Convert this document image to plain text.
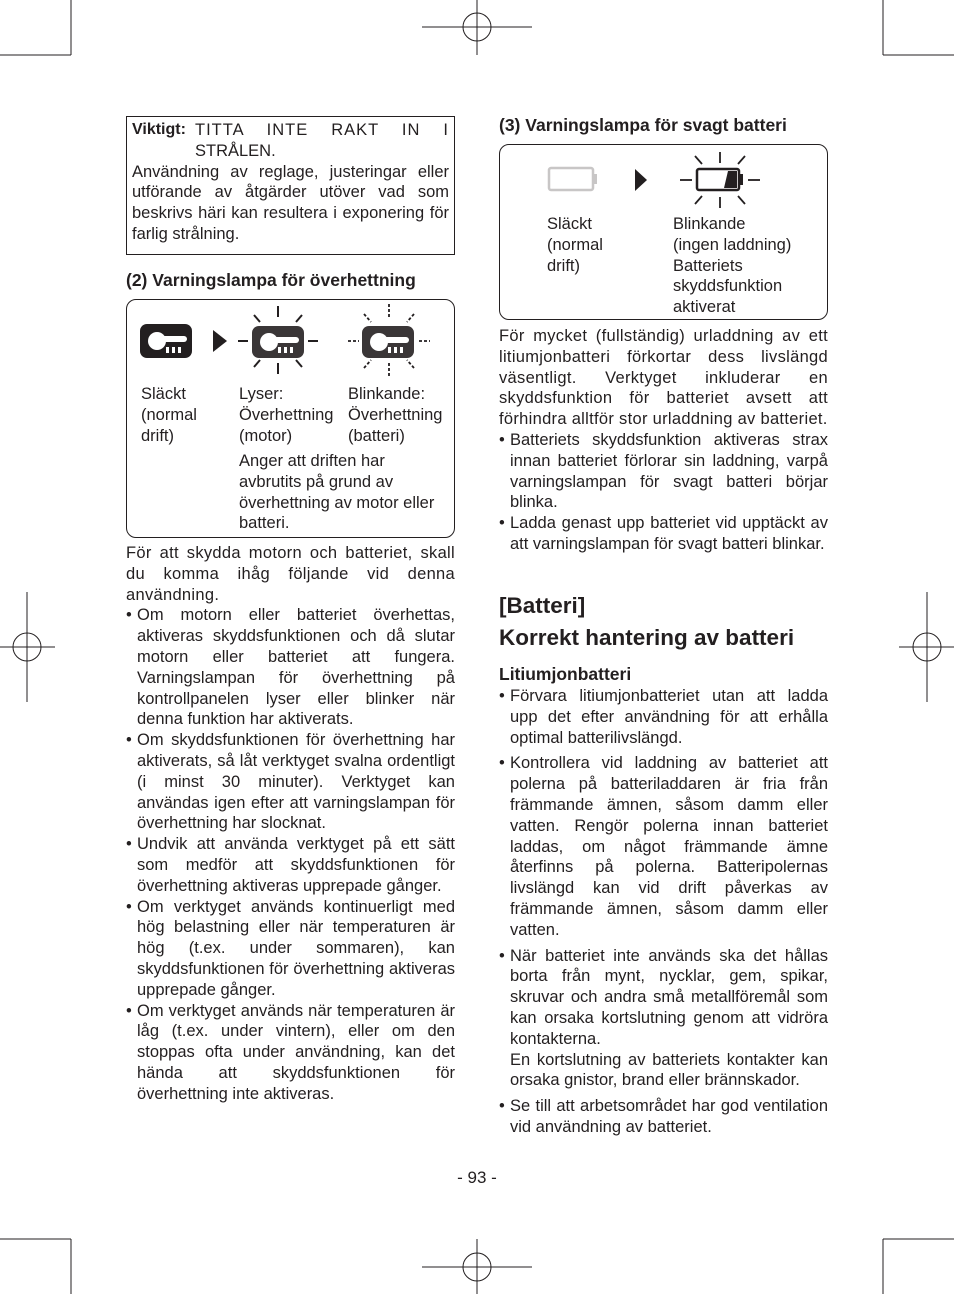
Viktigt: TITTA INTE RAKT IN I
STRÅLEN.

Användning av reglage, justeringar eller utförande av åtgärder utöver vad som beskrivs häri kan resultera i exponering för farlig strålning.

(2) Varningslampa för överhettning
Släckt
(normal
drift)
Lyser:
Överhettning
(motor)
Blinkande:
Överhettning
(batteri)
Anger att driften har
avbrutits på grund av
överhettning av motor eller
batteri.

För att skydda motorn och batteriet, skall du komma ihåg följande vid denna användning.

• Om motorn eller batteriet överhettas, aktiveras skyddsfunktionen och då slutar motorn eller batteriet att fungera. Varningslampan för överhettning på kontrollpanelen lyser eller blinker när denna funktion har aktiverats.

• Om skyddsfunktionen för överhettning har aktiverats, så låt verktyget svalna ordentligt (i minst 30 minuter). Verktyget kan användas igen efter att varningslampan för överhettning har slocknat.

• Undvik att använda verktyget på ett sätt som medför att skyddsfunktionen för överhettning aktiveras upprepade gånger.

• Om verktyget används kontinuerligt med hög belastning eller när temperaturen är hög (t.ex. under sommaren), kan skyddsfunktionen för överhettning aktiveras upprepade gånger.

• Om verktyget används när temperaturen är låg (t.ex. under vintern), eller om den stoppas ofta under användning, kan det hända att skyddsfunktionen för överhettning inte aktiveras.

(3) Varningslampa för svagt batteri
Släckt
(normal
drift)
Blinkande
(ingen laddning)
Batteriets
skyddsfunktion
aktiverat

För mycket (fullständig) urladdning av ett litiumjonbatteri förkortar dess livslängd väsentligt. Verktyget inkluderar en skyddsfunktion för batteriet avsett att förhindra alltför stor urladdning av batteriet.

• Batteriets skyddsfunktion aktiveras strax innan batteriet förlorar sin laddning, varpå varningslampan för svagt batteri börjar blinka.

• Ladda genast upp batteriet vid upptäckt av att varningslampan för svagt batteri blinkar.

[Batteri]
Korrekt hantering av batteri
Litiumjonbatteri

• Förvara litiumjonbatteriet utan att ladda upp det efter användning för att erhålla optimal batterilivslängd.

• Kontrollera vid laddning av batteriet att polerna på batteriladdaren är fria från främmande ämnen, såsom damm eller vatten. Rengör polerna innan batteriet laddas, om något främmande ämne återfinns på polerna. Batteripolernas livslängd kan vid drift påverkas av främmande ämnen, såsom damm eller vatten.

• När batteriet inte används ska det hållas borta från mynt, nycklar, gem, spikar, skruvar och andra små metallföremål som kan orsaka kortslutning genom att vidröra kontakterna.

En kortslutning av batteriets kontakter kan orsaka gnistor, brand eller brännskador.

• Se till att arbetsområdet har god ventilation vid användning av batteriet.

- 93 -
